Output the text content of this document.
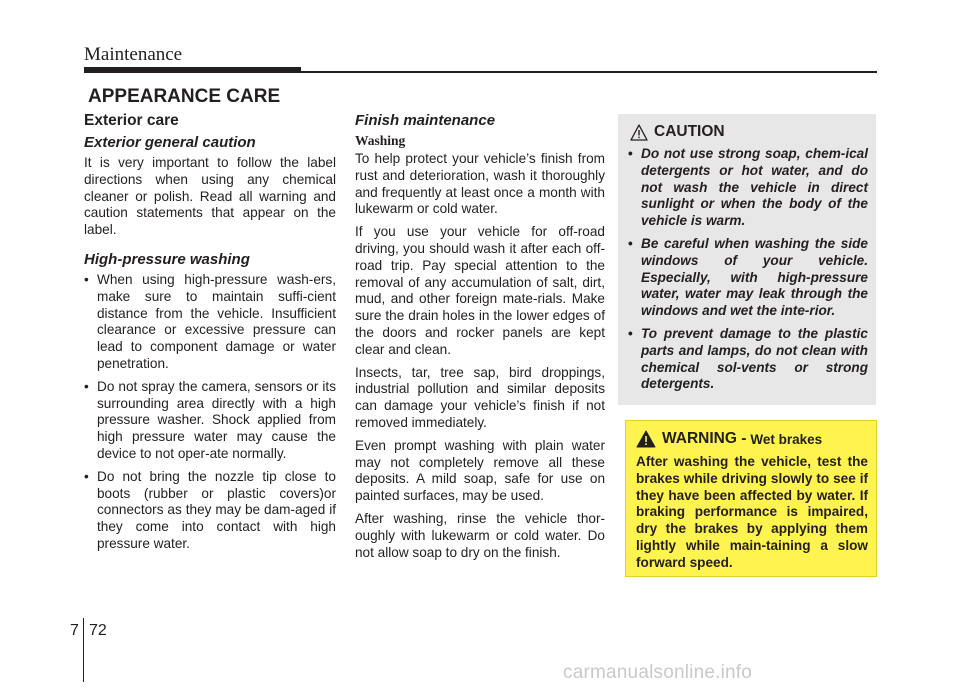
Maintenance
APPEARANCE CARE
Exterior care
Exterior general caution

It is very important to follow the label directions when using any chemical cleaner or polish. Read all warning and caution statements that appear on the label.

High-pressure washing
• When using high-pressure wash-ers, make sure to maintain suffi-cient distance from the vehicle. Insufficient clearance or excessive pressure can lead to component damage or water penetration.
• Do not spray the camera, sensors or its surrounding area directly with a high pressure washer. Shock applied from high pressure water may cause the device to not oper-ate normally.
• Do not bring the nozzle tip close to boots (rubber or plastic covers)or connectors as they may be dam-aged if they come into contact with high pressure water.
Finish maintenance
Washing

To help protect your vehicle’s finish from rust and deterioration, wash it thoroughly and frequently at least once a month with lukewarm or cold water.

If you use your vehicle for off-road driving, you should wash it after each off-road trip. Pay special attention to the removal of any accumulation of salt, dirt, mud, and other foreign mate-rials. Make sure the drain holes in the lower edges of the doors and rocker panels are kept clear and clean.

Insects, tar, tree sap, bird droppings, industrial pollution and similar deposits can damage your vehicle’s finish if not removed immediately.

Even prompt washing with plain water may not completely remove all these deposits. A mild soap, safe for use on painted surfaces, may be used.

After washing, rinse the vehicle thor-oughly with lukewarm or cold water. Do not allow soap to dry on the finish.

CAUTION
• Do not use strong soap, chem-ical detergents or hot water, and do not wash the vehicle in direct sunlight or when the body of the vehicle is warm.
• Be careful when washing the side windows of your vehicle. Especially, with high-pressure water, water may leak through the windows and wet the inte-rior.
• To prevent damage to the plastic parts and lamps, do not clean with chemical sol-vents or strong detergents.
WARNING - Wet brakes

After washing the vehicle, test the brakes while driving slowly to see if they have been affected by water. If braking performance is impaired, dry the brakes by applying them lightly while main-taining a slow forward speed.

7 72
carmanualsonline.info
